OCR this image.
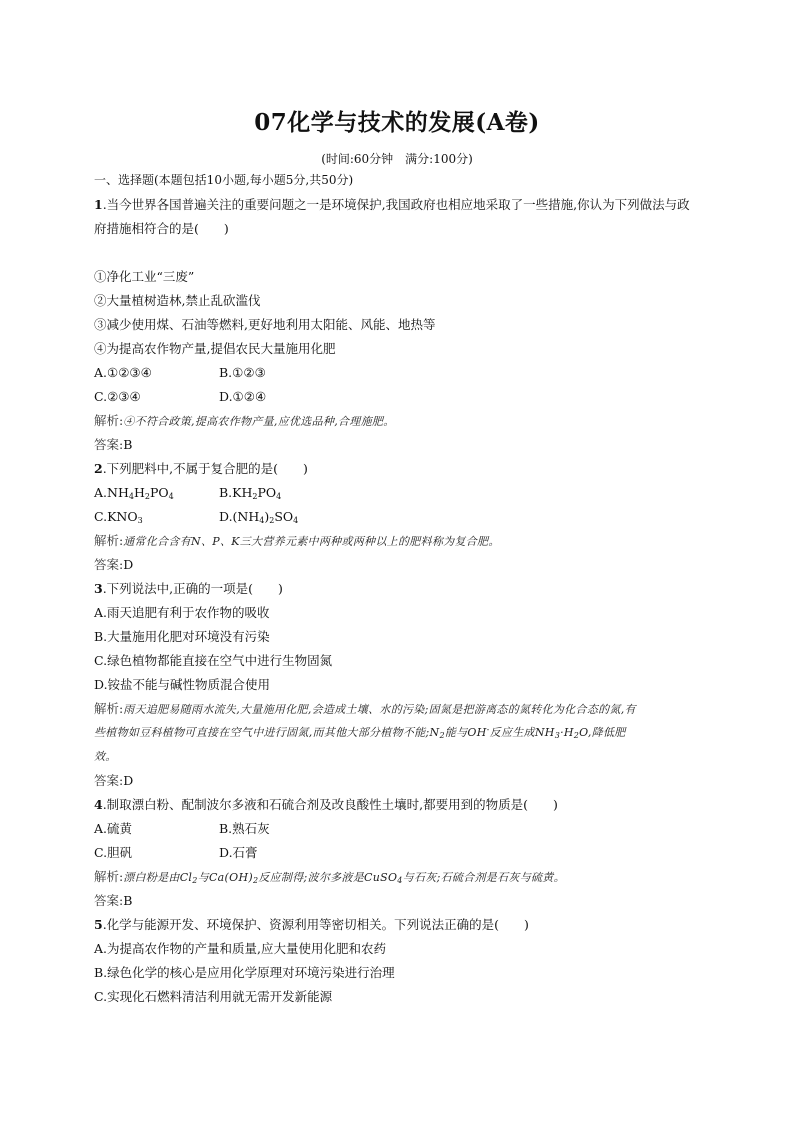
07化学与技术的发展(A卷)
(时间:60分钟　满分:100分)
一、选择题(本题包括10小题,每小题5分,共50分)
1.当今世界各国普遍关注的重要问题之一是环境保护,我国政府也相应地采取了一些措施,你认为下列做法与政
府措施相符合的是(　　)
①净化工业“三废”
②大量植树造林,禁止乱砍滥伐
③减少使用煤、石油等燃料,更好地利用太阳能、风能、地热等
④为提高农作物产量,提倡农民大量施用化肥
A.①②③④	B.①②③
C.②③④	D.①②④
解析:④不符合政策,提高农作物产量,应优选品种,合理施肥。
答案:B
2.下列肥料中,不属于复合肥的是(　　)
$A.NH_4H_2PO_4$	$B.KH_2PO_4$
$C.KNO_3$	$D.(NH_4)_2SO_4$
解析:通常化合含有N、P、K三大营养元素中两种或两种以上的肥料称为复合肥。
答案:D
3.下列说法中,正确的一项是(　　)
A.雨天追肥有利于农作物的吸收
B.大量施用化肥对环境没有污染
C.绿色植物都能直接在空气中进行生物固氮
D.铵盐不能与碱性物质混合使用
解析:雨天追肥易随雨水流失,大量施用化肥,会造成土壤、水的污染;固氮是把游离态的氮转化为化合态的氮,有
些植物如豆科植物可直接在空气中进行固氮,而其他大部分植物不能$;N_2$能与OH-反应生成$NH_3\cdot H_2O$,降低肥
效。
答案:D
4.制取漂白粉、配制波尔多液和石硫合剂及改良酸性土壤时,都要用到的物质是(　　)
A.硫黄	B.熟石灰
C.胆矾	D.石膏
解析:漂白粉是由$Cl_2$与$Ca(OH)_2$反应制得;波尔多液是CuSO$_4$与石灰;石硫合剂是石灰与硫黄。
答案:B
5.化学与能源开发、环境保护、资源利用等密切相关。下列说法正确的是(　　)
A.为提高农作物的产量和质量,应大量使用化肥和农药
B.绿色化学的核心是应用化学原理对环境污染进行治理
C.实现化石燃料清洁利用就无需开发新能源
